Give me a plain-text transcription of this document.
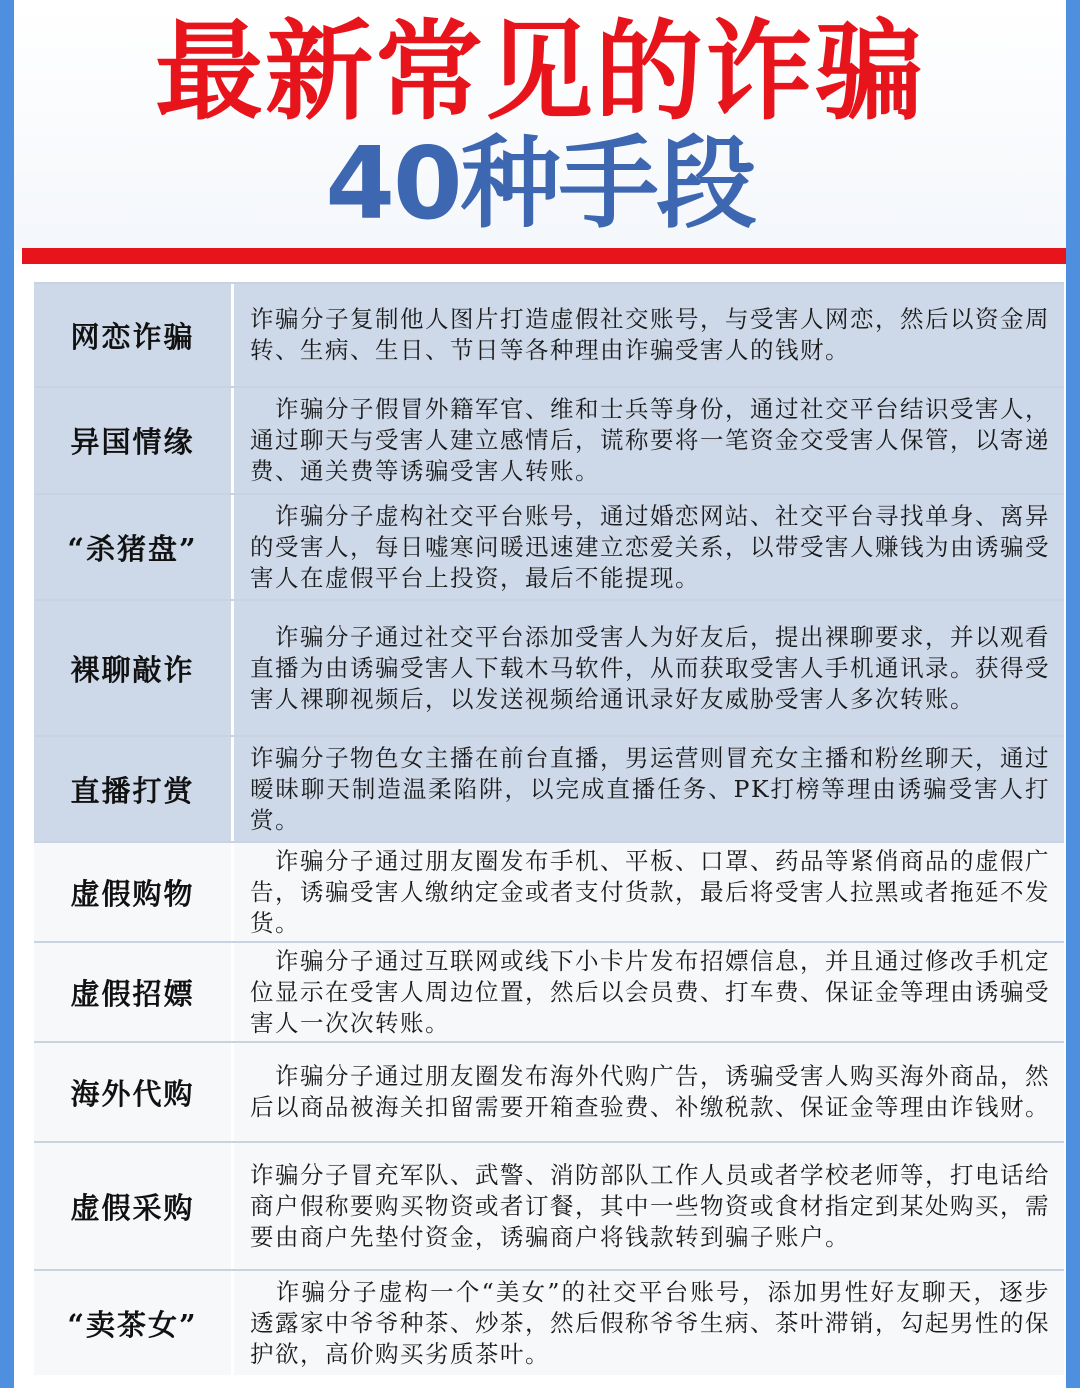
最新常见的诈骗
40种手段
网恋诈骗
诈骗分子复制他人图片打造虚假社交账号，与受害人网恋，然后以资金周转、生病、生日、节日等各种理由诈骗受害人的钱财。
异国情缘
　诈骗分子假冒外籍军官、维和士兵等身份，通过社交平台结识受害人，通过聊天与受害人建立感情后，谎称要将一笔资金交受害人保管，以寄递费、通关费等诱骗受害人转账。
“杀猪盘”
　诈骗分子虚构社交平台账号，通过婚恋网站、社交平台寻找单身、离异的受害人，每日嘘寒问暖迅速建立恋爱关系，以带受害人赚钱为由诱骗受害人在虚假平台上投资，最后不能提现。
裸聊敲诈
　诈骗分子通过社交平台添加受害人为好友后，提出裸聊要求，并以观看直播为由诱骗受害人下载木马软件，从而获取受害人手机通讯录。获得受害人裸聊视频后，以发送视频给通讯录好友威胁受害人多次转账。
直播打赏
诈骗分子物色女主播在前台直播，男运营则冒充女主播和粉丝聊天，通过暧昧聊天制造温柔陷阱，以完成直播任务、PK打榜等理由诱骗受害人打赏。
虚假购物
　诈骗分子通过朋友圈发布手机、平板、口罩、药品等紧俏商品的虚假广告，诱骗受害人缴纳定金或者支付货款，最后将受害人拉黑或者拖延不发货。
虚假招嫖
　诈骗分子通过互联网或线下小卡片发布招嫖信息，并且通过修改手机定位显示在受害人周边位置，然后以会员费、打车费、保证金等理由诱骗受害人一次次转账。
海外代购
　诈骗分子通过朋友圈发布海外代购广告，诱骗受害人购买海外商品，然后以商品被海关扣留需要开箱查验费、补缴税款、保证金等理由诈钱财。
虚假采购
诈骗分子冒充军队、武警、消防部队工作人员或者学校老师等，打电话给商户假称要购买物资或者订餐，其中一些物资或食材指定到某处购买，需要由商户先垫付资金，诱骗商户将钱款转到骗子账户。
“卖茶女”
　诈骗分子虚构一个“美女”的社交平台账号，添加男性好友聊天，逐步透露家中爷爷种茶、炒茶，然后假称爷爷生病、茶叶滞销，勾起男性的保护欲，高价购买劣质茶叶。
